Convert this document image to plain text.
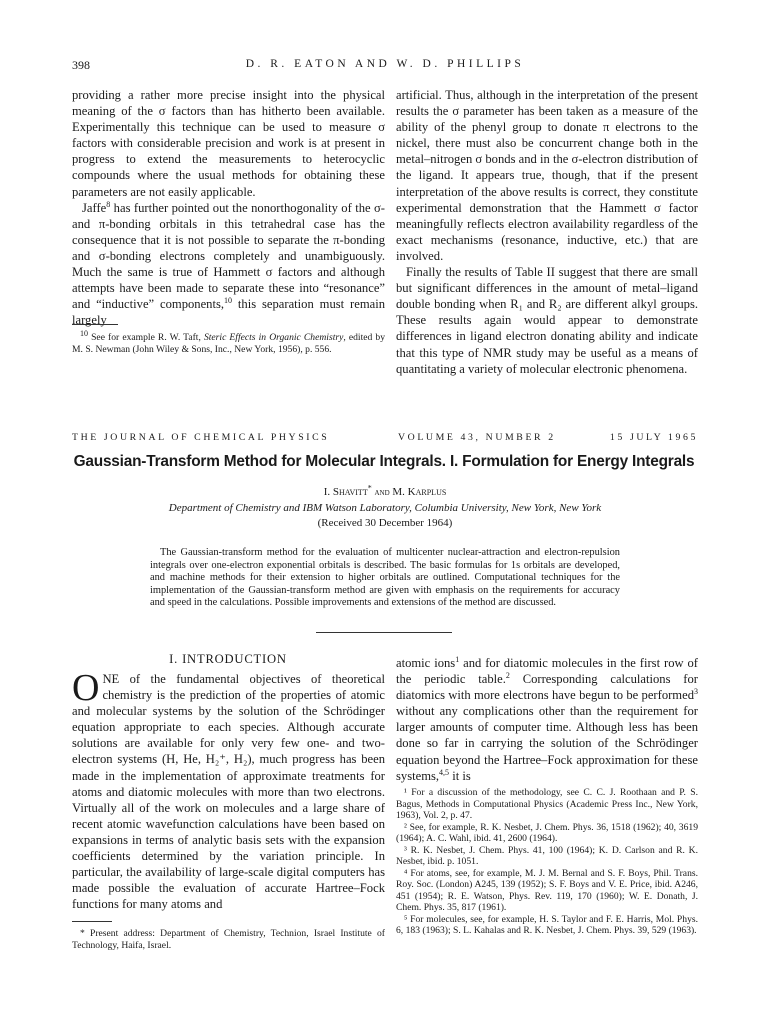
398	D. R. EATON AND W. D. PHILLIPS

providing a rather more precise insight into the physical meaning of the σ factors than has hitherto been available. Experimentally this technique can be used to measure σ factors with considerable precision and work is at present in progress to extend the measurements to heterocyclic compounds where the usual methods for obtaining these parameters are not easily applicable.

Jaffe$^8$ has further pointed out the nonorthogonality of the σ- and π-bonding orbitals in this tetrahedral case has the consequence that it is not possible to separate the π-bonding and σ-bonding electrons completely and unambiguously. Much the same is true of Hammett σ factors and although attempts have been made to separate these into “resonance” and “inductive” components,$^{10}$ this separation must remain largely

$^{10}$ See for example R. W. Taft, Steric Effects in Organic Chemistry, edited by M. S. Newman (John Wiley & Sons, Inc., New York, 1956), p. 556.

artificial. Thus, although in the interpretation of the present results the σ parameter has been taken as a measure of the ability of the phenyl group to donate π electrons to the nickel, there must also be concurrent change both in the metal–nitrogen σ bonds and in the σ-electron distribution of the ligand. It appears true, though, that if the present interpretation of the above results is correct, they constitute experimental demonstration that the Hammett σ factor meaningfully reflects electron availability regardless of the exact mechanisms (resonance, inductive, etc.) that are involved.

Finally the results of Table II suggest that there are small but significant differences in the amount of metal–ligand double bonding when R₁ and R₂ are different alkyl groups. These results again would appear to demonstrate differences in ligand electron donating ability and indicate that this type of NMR study may be useful as a means of quantitating a variety of molecular electronic phenomena.

THE JOURNAL OF CHEMICAL PHYSICS	VOLUME 43, NUMBER 2	15 JULY 1965
Gaussian-Transform Method for Molecular Integrals. I. Formulation for Energy Integrals
I. Shavitt* and M. Karplus
Department of Chemistry and IBM Watson Laboratory, Columbia University, New York, New York
(Received 30 December 1964)

The Gaussian-transform method for the evaluation of multicenter nuclear-attraction and electron-repulsion integrals over one-electron exponential orbitals is described. The basic formulas for 1s orbitals are developed, and machine methods for their extension to higher orbitals are outlined. Computational techniques for the implementation of the Gaussian-transform method are given with emphasis on the requirements for accuracy and speed in the calculations. Possible improvements and extensions of the method are discussed.

I. INTRODUCTION

ONE of the fundamental objectives of theoretical chemistry is the prediction of the properties of atomic and molecular systems by the solution of the Schrödinger equation appropriate to each species. Although accurate solutions are available for only very few one- and two-electron systems (H, He, H₂⁺, H₂), much progress has been made in the implementation of approximate treatments for atoms and diatomic molecules with more than two electrons. Virtually all of the work on molecules and a large share of recent atomic wavefunction calculations have been based on expansions in terms of analytic basis sets with the expansion coefficients determined by the variation principle. In particular, the availability of large-scale digital computers has made possible the evaluation of accurate Hartree–Fock functions for many atoms and

* Present address: Department of Chemistry, Technion, Israel Institute of Technology, Haifa, Israel.

atomic ions$^1$ and for diatomic molecules in the first row of the periodic table.$^2$ Corresponding calculations for diatomics with more electrons have begun to be performed$^3$ without any complications other than the requirement for larger amounts of computer time. Although less has been done so far in carrying the solution of the Schrödinger equation beyond the Hartree–Fock approximation for these systems,$^{4,5}$ it is

¹ For a discussion of the methodology, see C. C. J. Roothaan and P. S. Bagus, Methods in Computational Physics (Academic Press Inc., New York, 1963), Vol. 2, p. 47.

² See, for example, R. K. Nesbet, J. Chem. Phys. 36, 1518 (1962); 40, 3619 (1964); A. C. Wahl, ibid. 41, 2600 (1964).

³ R. K. Nesbet, J. Chem. Phys. 41, 100 (1964); K. D. Carlson and R. K. Nesbet, ibid. p. 1051.

⁴ For atoms, see, for example, M. J. M. Bernal and S. F. Boys, Phil. Trans. Roy. Soc. (London) A245, 139 (1952); S. F. Boys and V. E. Price, ibid. A246, 451 (1954); R. E. Watson, Phys. Rev. 119, 170 (1960); W. E. Donath, J. Chem. Phys. 35, 817 (1961).

⁵ For molecules, see, for example, H. S. Taylor and F. E. Harris, Mol. Phys. 6, 183 (1963); S. L. Kahalas and R. K. Nesbet, J. Chem. Phys. 39, 529 (1963).
